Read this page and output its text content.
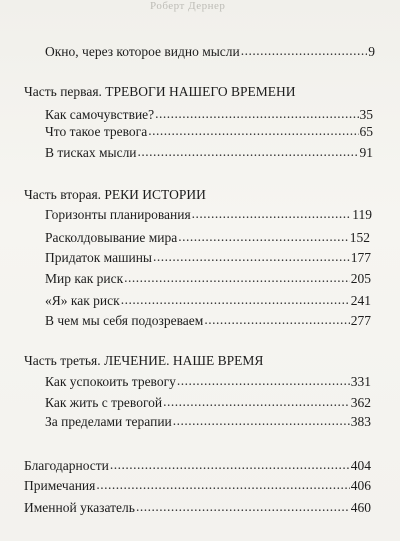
Роберт Дернер
Окно, через которое видно мысли .....	9
Часть первая. ТРЕВОГИ НАШЕГО ВРЕМЕНИ
Как самочувствие? .....	35
Что такое тревога .....	65
В тисках мысли .....	91
Часть вторая. РЕКИ ИСТОРИИ
Горизонты планирования .....	119
Расколдовывание мира .....	152
Придаток машины .....	177
Мир как риск .....	205
«Я» как риск .....	241
В чем мы себя подозреваем .....	277
Часть третья. ЛЕЧЕНИЕ. НАШЕ ВРЕМЯ
Как успокоить тревогу .....	331
Как жить с тревогой .....	362
За пределами терапии .....	383
Благодарности .....	404
Примечания .....	406
Именной указатель .....	460
